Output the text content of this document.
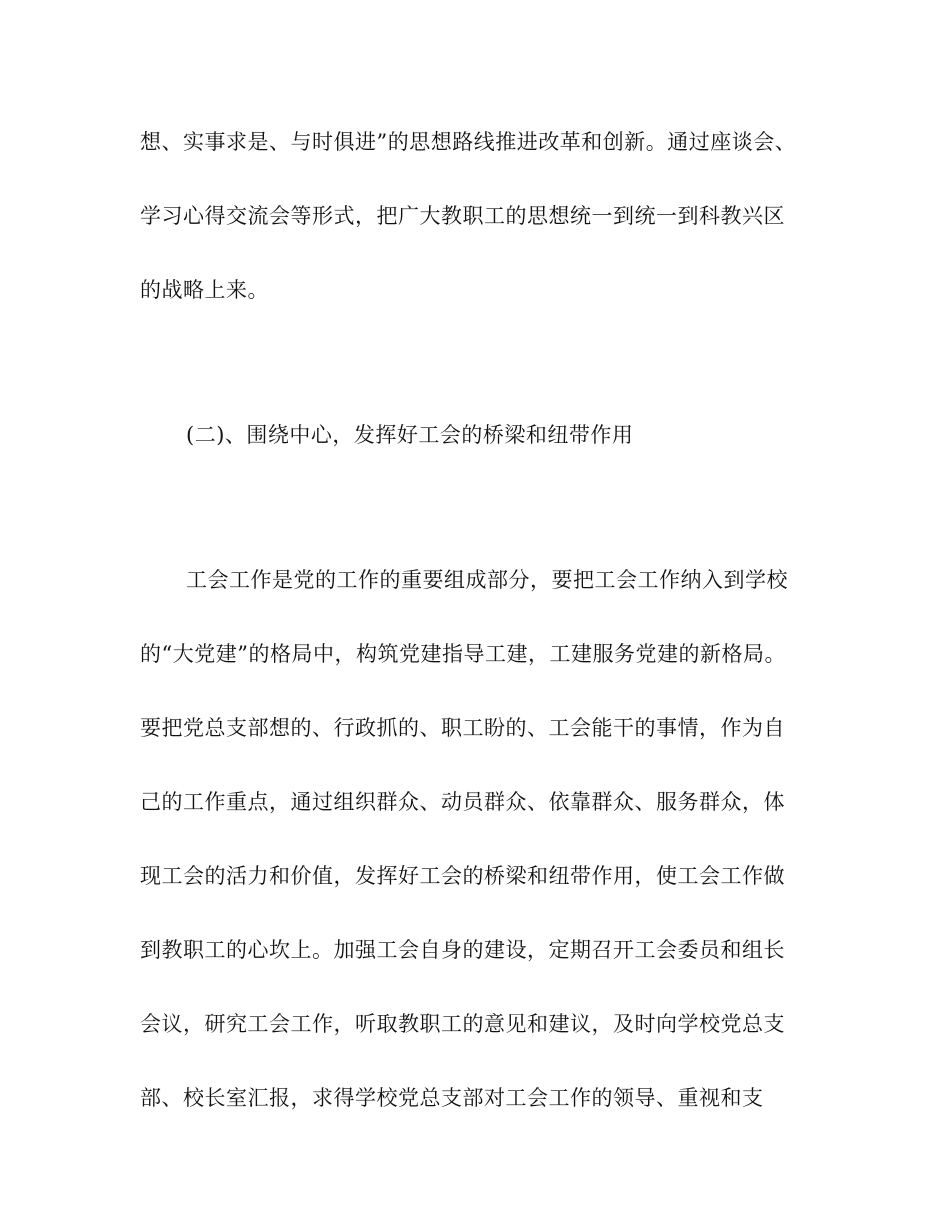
想、实事求是、与时俱进”的思想路线推进改革和创新。通过座谈会、
学习心得交流会等形式，把广大教职工的思想统一到统一到科教兴区
的战略上来。
(二)、围绕中心，发挥好工会的桥梁和纽带作用
工会工作是党的工作的重要组成部分，要把工会工作纳入到学校
的“大党建”的格局中，构筑党建指导工建，工建服务党建的新格局。
要把党总支部想的、行政抓的、职工盼的、工会能干的事情，作为自
己的工作重点，通过组织群众、动员群众、依靠群众、服务群众，体
现工会的活力和价值，发挥好工会的桥梁和纽带作用，使工会工作做
到教职工的心坎上。加强工会自身的建设，定期召开工会委员和组长
会议，研究工会工作，听取教职工的意见和建议，及时向学校党总支
部、校长室汇报，求得学校党总支部对工会工作的领导、重视和支
